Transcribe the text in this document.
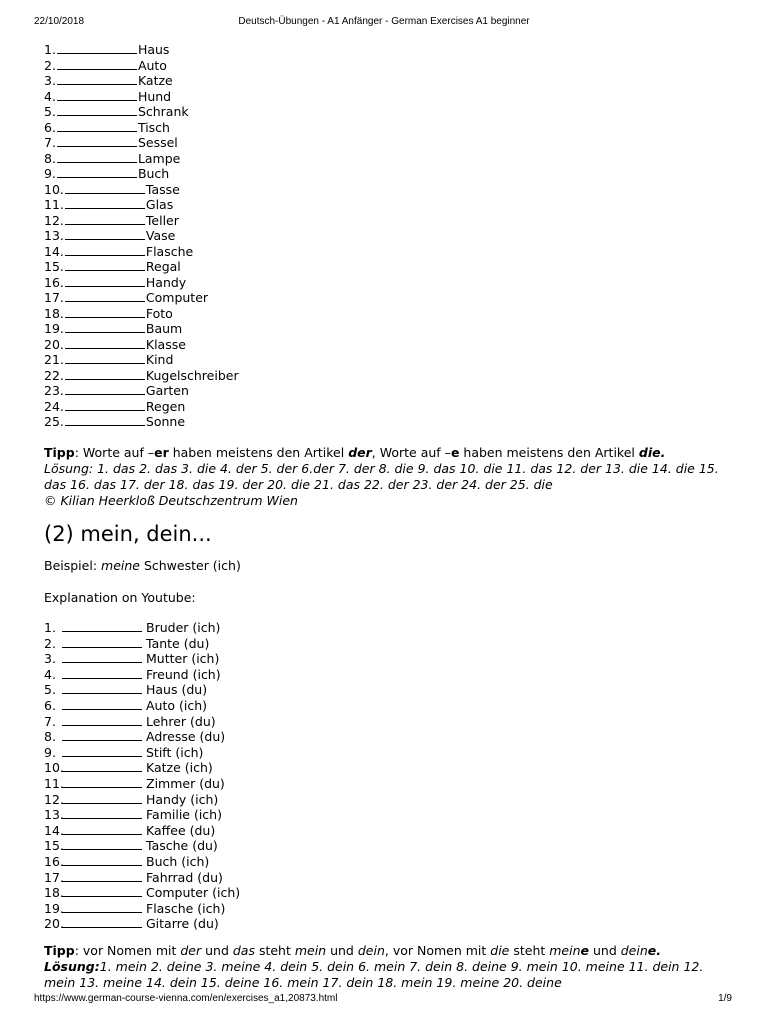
22/10/2018	Deutsch-Übungen - A1 Anfänger - German Exercises A1 beginner
1.	Haus
2.	Auto
3.	Katze
4.	Hund
5.	Schrank
6.	Tisch
7.	Sessel
8.	Lampe
9.	Buch
10.	Tasse
11.	Glas
12.	Teller
13.	Vase
14.	Flasche
15.	Regal
16.	Handy
17.	Computer
18.	Foto
19.	Baum
20.	Klasse
21.	Kind
22.	Kugelschreiber
23.	Garten
24.	Regen
25.	Sonne
Tipp: Worte auf –er haben meistens den Artikel der, Worte auf –e haben meistens den Artikel die.
Lösung: 1. das 2. das 3. die 4. der 5. der 6.der 7. der 8. die 9. das 10. die 11. das 12. der 13. die 14. die 15. das 16. das 17. der 18. das 19. der 20. die 21. das 22. der 23. der 24. der 25. die
© Kilian Heerkloß Deutschzentrum Wien
(2) mein, dein...
Beispiel: meine Schwester (ich)
Explanation on Youtube:
1.	Bruder (ich)
2.	Tante (du)
3.	Mutter (ich)
4.	Freund (ich)
5.	Haus (du)
6.	Auto (ich)
7.	Lehrer (du)
8.	Adresse (du)
9.	Stift (ich)
10.	Katze (ich)
11.	Zimmer (du)
12.	Handy (ich)
13.	Familie (ich)
14.	Kaffee (du)
15.	Tasche (du)
16.	Buch (ich)
17.	Fahrrad (du)
18.	Computer (ich)
19.	Flasche (ich)
20.	Gitarre (du)
Tipp: vor Nomen mit der und das steht mein und dein, vor Nomen mit die steht meine und deine.
Lösung:1. mein 2. deine 3. meine 4. dein 5. dein 6. mein 7. dein 8. deine 9. mein 10. meine 11. dein 12. mein 13. meine 14. dein 15. deine 16. mein 17. dein 18. mein 19. meine 20. deine
https://www.german-course-vienna.com/en/exercises_a1,20873.html	1/9
